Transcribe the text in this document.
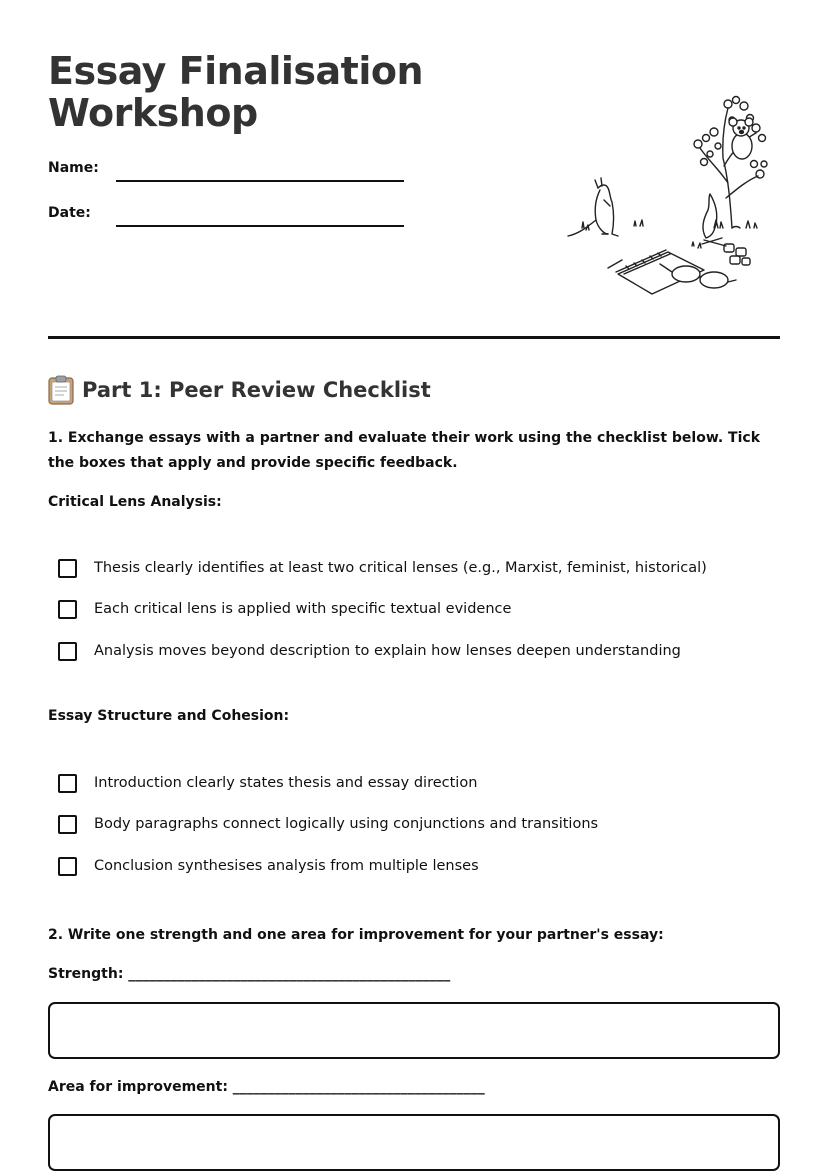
Essay Finalisation Workshop
Name:
Date:
Part 1: Peer Review Checklist

1. Exchange essays with a partner and evaluate their work using the checklist below. Tick the boxes that apply and provide specific feedback.

Critical Lens Analysis:
Thesis clearly identifies at least two critical lenses (e.g., Marxist, feminist, historical)
Each critical lens is applied with specific textual evidence
Analysis moves beyond description to explain how lenses deepen understanding
Essay Structure and Cohesion:
Introduction clearly states thesis and essay direction
Body paragraphs connect logically using conjunctions and transitions
Conclusion synthesises analysis from multiple lenses
2. Write one strength and one area for improvement for your partner's essay:
Strength: ______________________________________________
Area for improvement: ____________________________________
